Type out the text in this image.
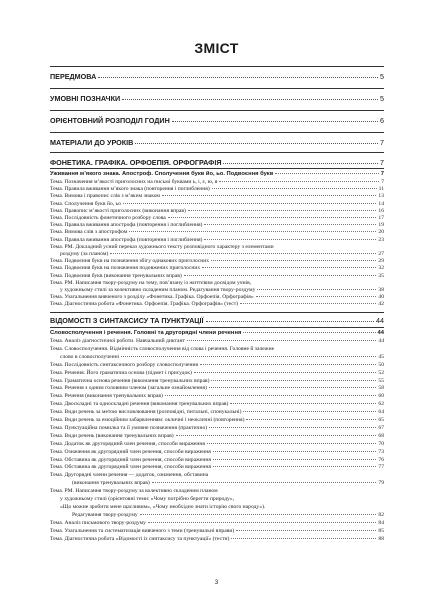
ЗМІСТ
ПЕРЕДМОВА	5
УМОВНІ ПОЗНАЧКИ	5
ОРІЄНТОВНИЙ РОЗПОДІЛ ГОДИН	6
МАТЕРІАЛИ ДО УРОКІВ	7
ФОНЕТИКА. ГРАФІКА. ОРФОЕПІЯ. ОРФОГРАФІЯ	7
Уживання м’якого знака. Апостроф. Сполучення букв йо, ьо. Подвоєння букв	7
Тема. Позначення м’якості приголосних на письмі буквами ь, і, є, ю, я	7
Тема. Правила вживання м’якого знака (повторення і поглиблення)	11
Тема. Вимова і правопис слів з м’яким знаком	13
Тема. Сполучення букв йо, ьо	14
Тема. Правопис м’якості приголосних (виконання вправ)	16
Тема. Послідовність фонетичного розбору слова	17
Тема. Правила вживання апострофа (повторення і поглиблення)	19
Тема. Вимова слів з апострофом	20
Тема. Правила вживання апострофа (повторення і поглиблення)	23
Тема. РМ. Докладний усний переказ художнього тексту розповідного характеру з елементами
роздуму (за планом)	27
Тема. Подвоєння букв на позначення збігу однакових приголосних	29
Тема. Подвоєння букв на позначення подовжених приголосних	32
Тема. Подвоєння букв (виконання тренувальних вправ)	35
Тема. РМ. Написання твору-роздуму на тему, пов’язану із життєвим досвідом учнів,
у художньому стилі за колективно складеним планом. Редагування твору-роздуму	38
Тема. Узагальнення вивченого з розділу «Фонетика. Графіка. Орфоепія. Орфографія»	40
Тема. Діагностична робота «Фонетика. Орфоепія. Графіка. Орфографія» (тест)	42
ВІДОМОСТІ З СИНТАКСИСУ ТА ПУНКТУАЦІЇ	44
Словосполучення і речення. Головні та другорядні члени речення	44
Тема. Аналіз діагностичної роботи. Навчальний диктант	44
Тема. Словосполучення. Відмінність словосполучення від слова і речення. Головне й залежне
слово в словосполученні	45
Тема. Послідовність синтаксичного розбору словосполучення	50
Тема. Речення. Його граматична основа (підмет і присудок)	52
Тема. Граматична основа речення (виконання тренувальних вправ)	55
Тема. Речення з одним головним членом (загальне ознайомлення)	58
Тема. Речення (виконання тренувальних вправ)	60
Тема. Двоскладні та односкладні речення (виконання тренувальних вправ)	62
Тема. Види речень за метою висловлювання (розповідні, питальні, спонукальні)	64
Тема. Види речень за емоційним забарвленням: окличні і неокличні (повторення)	65
Тема. Пунктуаційна помилка та її умовне позначення (практично)	67
Тема. Види речень (виконання тренувальних вправ)	68
Тема. Додаток як другорядний член речення, способи вираження	70
Тема. Означення як другорядний член речення, способи вираження	73
Тема. Обставина як другорядний член речення, способи вираження	76
Тема. Обставина як другорядний член речення, способи вираження	77
Тема. Другорядні члени речення — додаток, означення, обставина
(виконання тренувальних вправ)	79
Тема. РМ. Написання твору-роздуму за колективно складеним планом
у художньому стилі (орієнтовні теми: «Чому потрібно берегти природу»,
«Що можне зробити мене щасливим», «Чому необхідно знати історію свого народу»).
Редагування твору-роздуму	82
Тема. Аналіз письмового твору-роздуму	84
Тема. Узагальнення та систематизація вивченого з теми (тренувальні вправи)	85
Тема. Діагностична робота «Відомості із синтаксису та пунктуації» (тести)	88
3
